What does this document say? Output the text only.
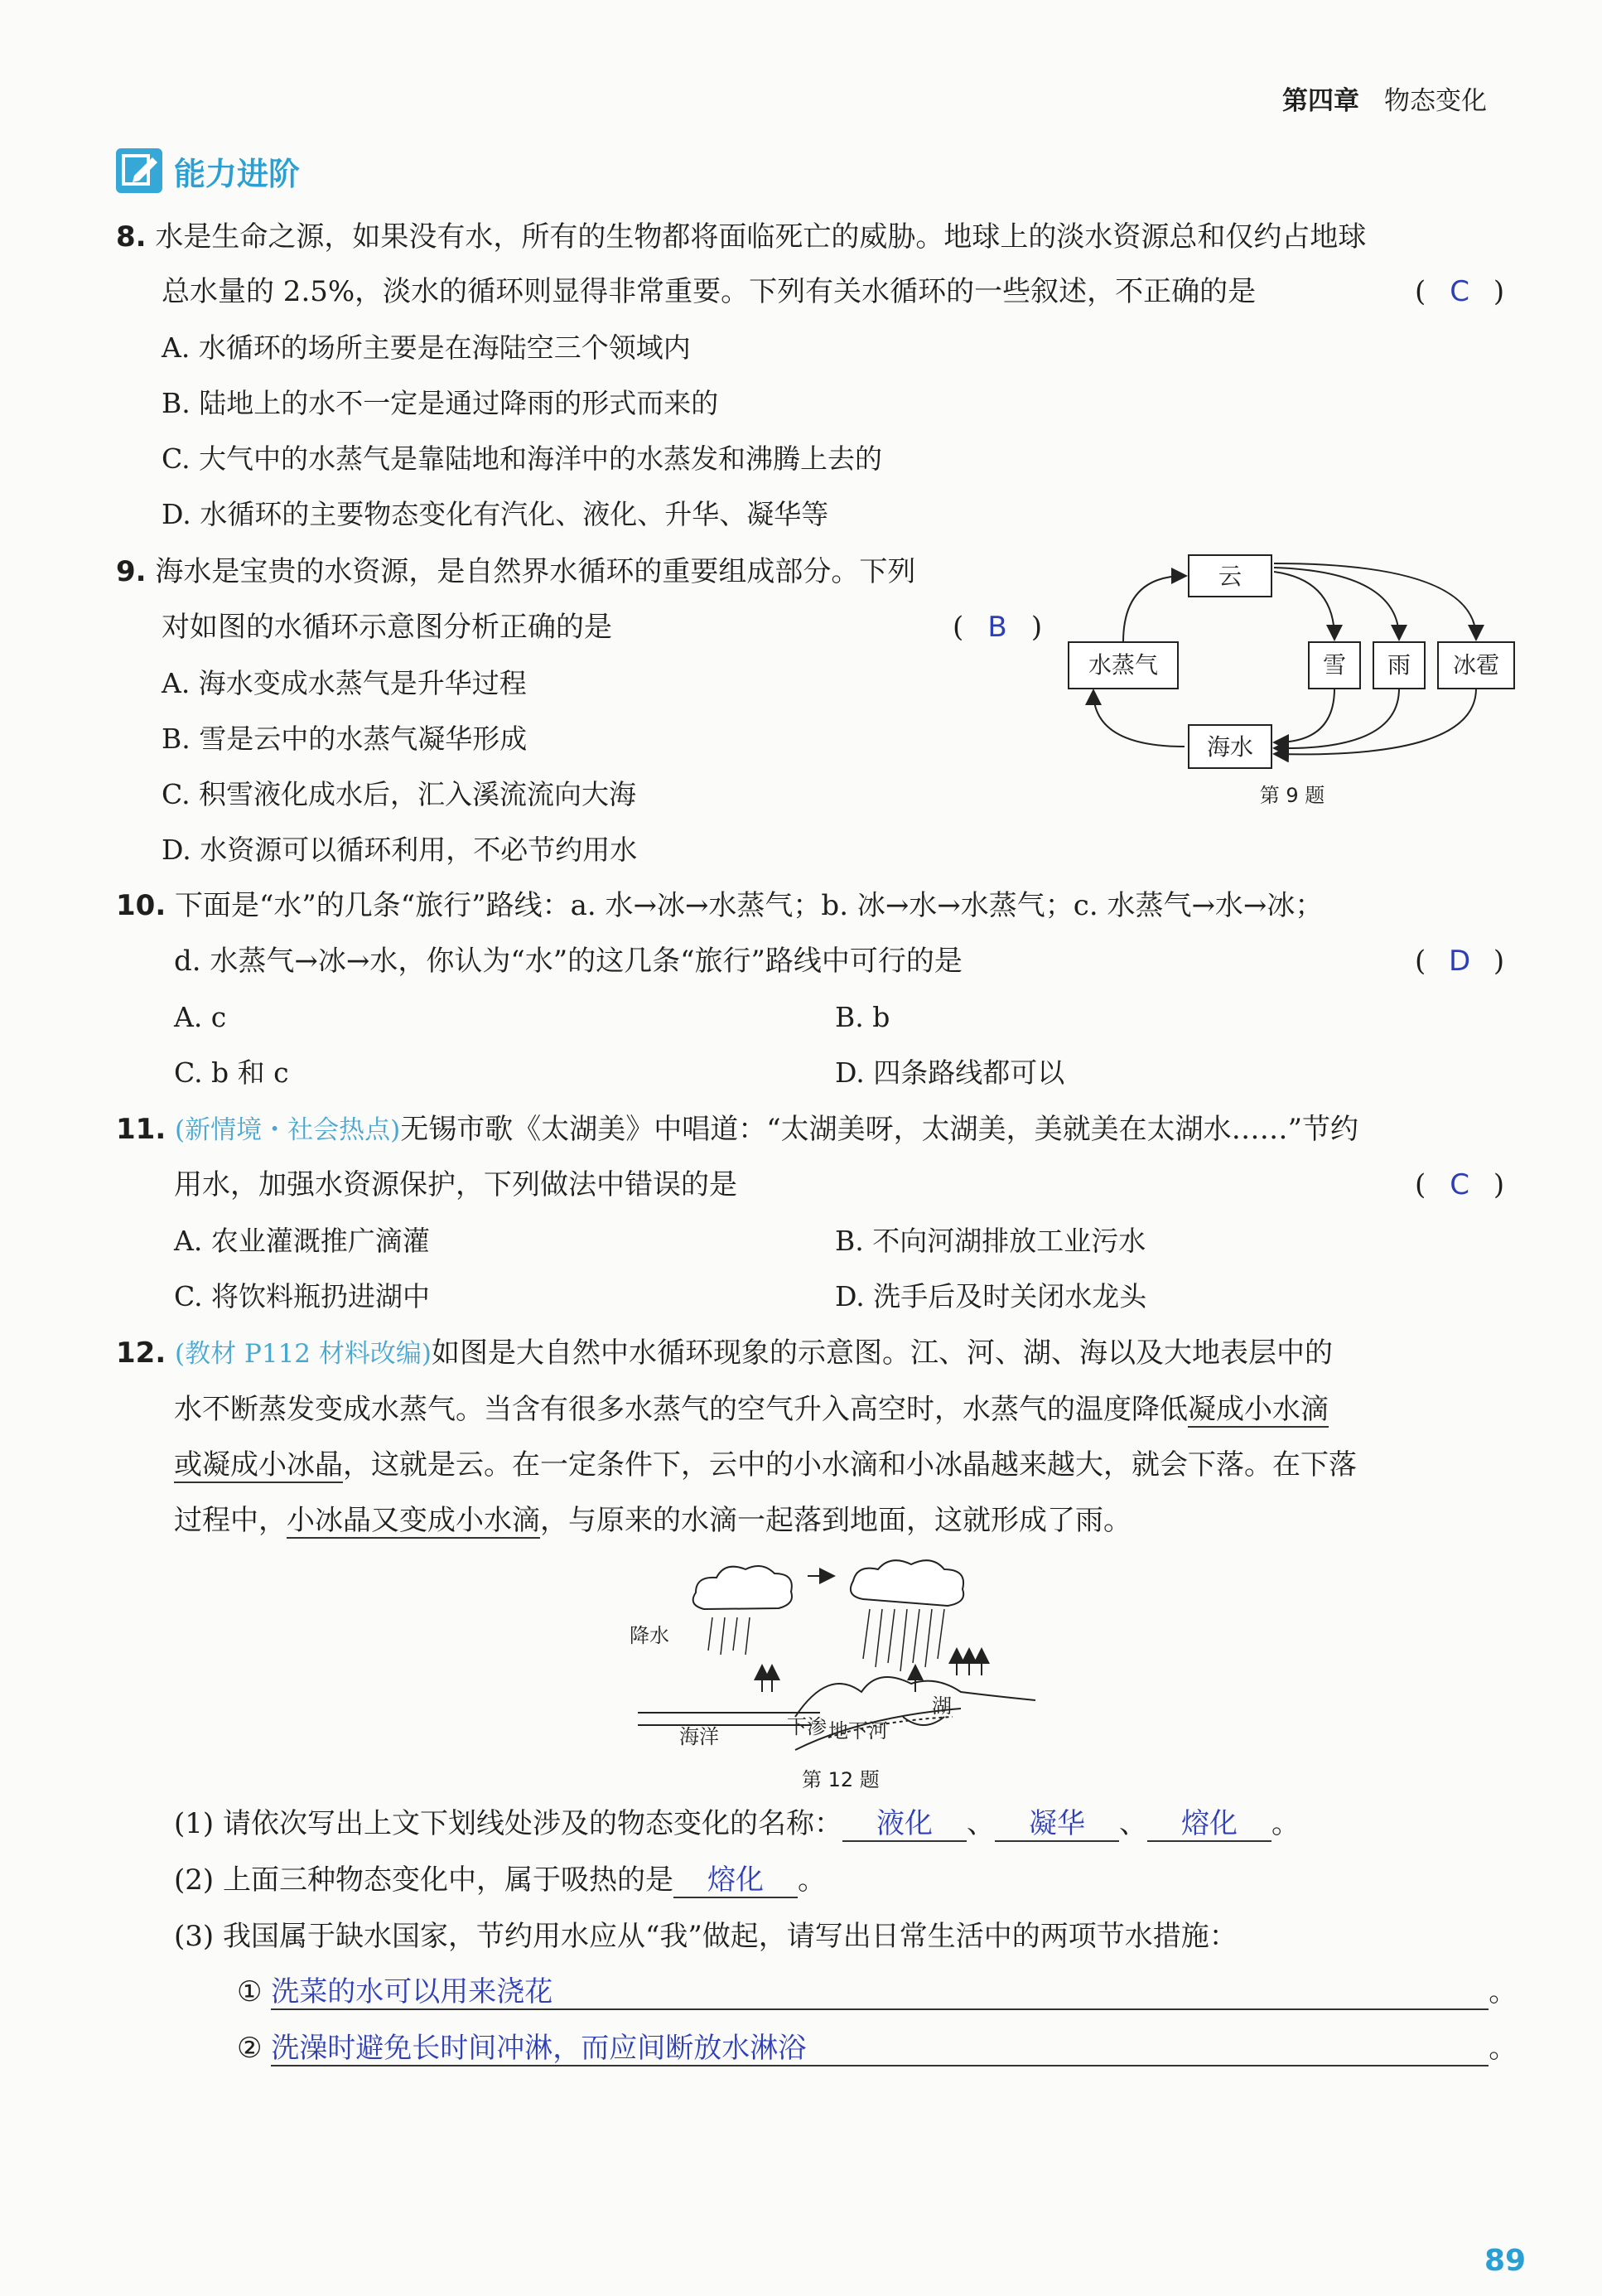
第四章 物态变化
能力进阶
8. 水是生命之源，如果没有水，所有的生物都将面临死亡的威胁。地球上的淡水资源总和仅约占地球
总水量的 2.5%，淡水的循环则显得非常重要。下列有关水循环的一些叙述，不正确的是	( C )
A. 水循环的场所主要是在海陆空三个领域内
B. 陆地上的水不一定是通过降雨的形式而来的
C. 大气中的水蒸气是靠陆地和海洋中的水蒸发和沸腾上去的
D. 水循环的主要物态变化有汽化、液化、升华、凝华等
9. 海水是宝贵的水资源，是自然界水循环的重要组成部分。下列
对如图的水循环示意图分析正确的是	( B )
A. 海水变成水蒸气是升华过程
B. 雪是云中的水蒸气凝华形成
C. 积雪液化成水后，汇入溪流流向大海
D. 水资源可以循环利用，不必节约用水
云
水蒸气	雪 雨 冰雹
海水
第 9 题
10. 下面是“水”的几条“旅行”路线：a. 水→冰→水蒸气；b. 冰→水→水蒸气；c. 水蒸气→水→冰；
d. 水蒸气→冰→水，你认为“水”的这几条“旅行”路线中可行的是	( D )
A. c	B. b
C. b 和 c	D. 四条路线都可以
11. (新情境・社会热点)无锡市歌《太湖美》中唱道：“太湖美呀，太湖美，美就美在太湖水……”节约
用水，加强水资源保护，下列做法中错误的是	( C )
A. 农业灌溉推广滴灌	B. 不向河湖排放工业污水
C. 将饮料瓶扔进湖中	D. 洗手后及时关闭水龙头
12. (教材 P112 材料改编)如图是大自然中水循环现象的示意图。江、河、湖、海以及大地表层中的
水不断蒸发变成水蒸气。当含有很多水蒸气的空气升入高空时，水蒸气的温度降低凝成小水滴
或凝成小冰晶，这就是云。在一定条件下，云中的小水滴和小冰晶越来越大，就会下落。在下落
过程中，小冰晶又变成小水滴，与原来的水滴一起落到地面，这就形成了雨。
降水
海洋	下渗 地下河
湖
第 12 题
(1) 请依次写出上文下划线处涉及的物态变化的名称： 液化 、 凝华 、 熔化 。
(2) 上面三种物态变化中，属于吸热的是 熔化 。
(3) 我国属于缺水国家，节约用水应从“我”做起，请写出日常生活中的两项节水措施：
① 洗菜的水可以用来浇花	。
② 洗澡时避免长时间冲淋，而应间断放水淋浴	。
89
